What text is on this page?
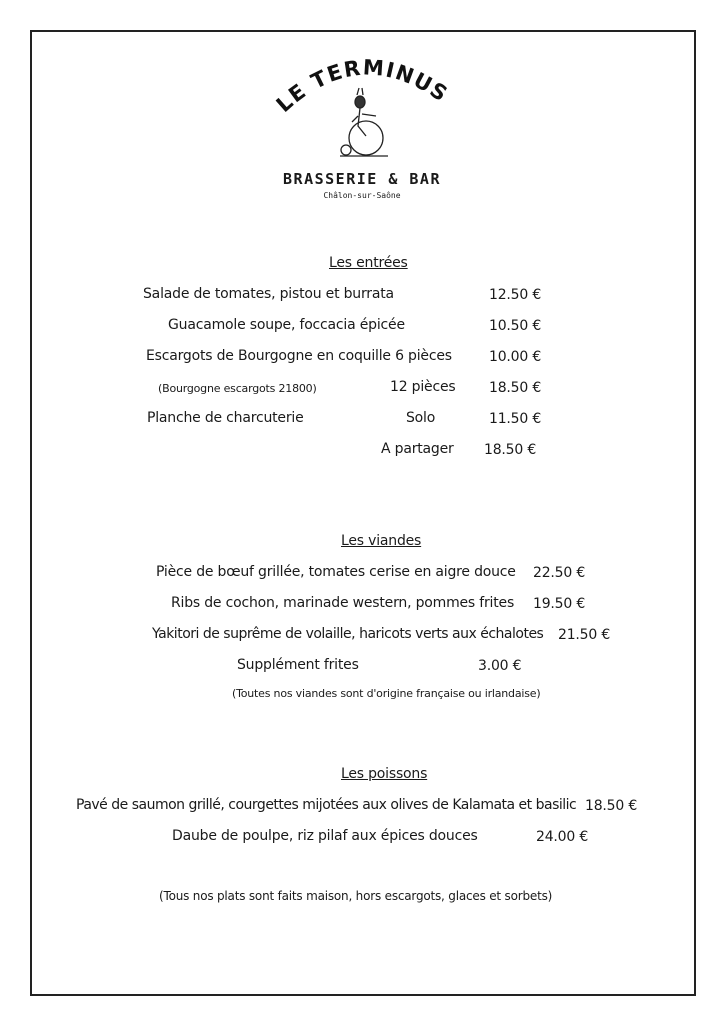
LE TERMINUS
BRASSERIE & BAR
Châlon-sur-Saône
Les entrées
Salade de tomates, pistou et burrata	12.50 €
Guacamole soupe, foccacia épicée	10.50 €
Escargots de Bourgogne en coquille 6 pièces	10.00 €
(Bourgogne escargots 21800)	12 pièces 18.50 €
Planche de charcuterie	Solo	11.50 €
A partager 18.50 €
Les viandes
Pièce de bœuf grillée, tomates cerise en aigre douce 22.50 €
Ribs de cochon, marinade western, pommes frites 19.50 €
Yakitori de suprême de volaille, haricots verts aux échalotes 21.50 €
Supplément frites	3.00 €
(Toutes nos viandes sont d'origine française ou irlandaise)
Les poissons
Pavé de saumon grillé, courgettes mijotées aux olives de Kalamata et basilic 18.50 €
Daube de poulpe, riz pilaf aux épices douces	24.00 €
(Tous nos plats sont faits maison, hors escargots, glaces et sorbets)
